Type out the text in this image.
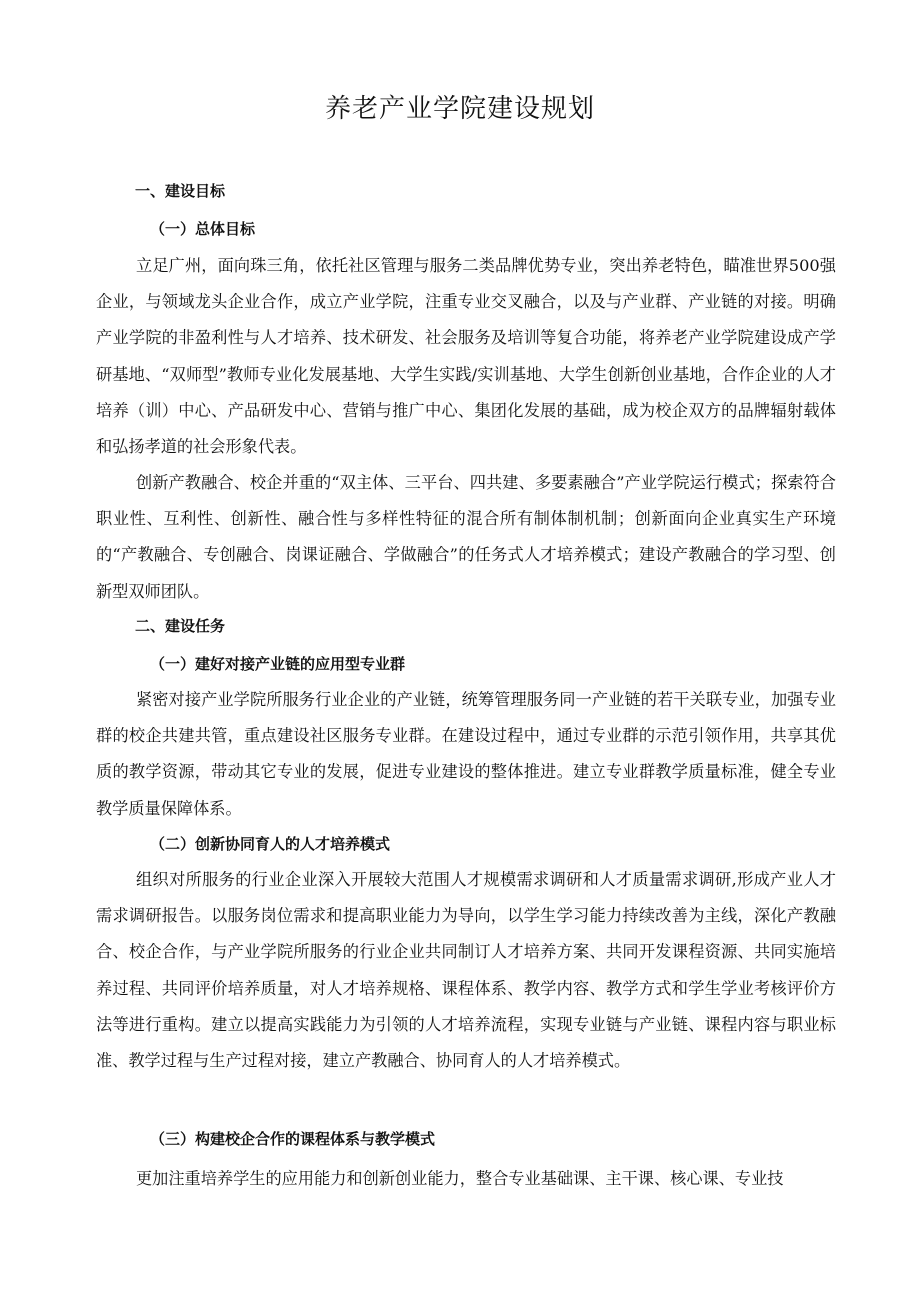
养老产业学院建设规划
一、建设目标
（一）总体目标
立足广州，面向珠三角，依托社区管理与服务二类品牌优势专业，突出养老特色，瞄准世界500强企业，与领域龙头企业合作，成立产业学院，注重专业交叉融合，以及与产业群、产业链的对接。明确产业学院的非盈利性与人才培养、技术研发、社会服务及培训等复合功能，将养老产业学院建设成产学研基地、“双师型”教师专业化发展基地、大学生实践/实训基地、大学生创新创业基地，合作企业的人才培养（训）中心、产品研发中心、营销与推广中心、集团化发展的基础，成为校企双方的品牌辐射载体和弘扬孝道的社会形象代表。
创新产教融合、校企并重的“双主体、三平台、四共建、多要素融合”产业学院运行模式；探索符合职业性、互利性、创新性、融合性与多样性特征的混合所有制体制机制；创新面向企业真实生产环境的“产教融合、专创融合、岗课证融合、学做融合”的任务式人才培养模式；建设产教融合的学习型、创新型双师团队。
二、建设任务
（一）建好对接产业链的应用型专业群
紧密对接产业学院所服务行业企业的产业链，统筹管理服务同一产业链的若干关联专业，加强专业群的校企共建共管，重点建设社区服务专业群。在建设过程中，通过专业群的示范引领作用，共享其优质的教学资源，带动其它专业的发展，促进专业建设的整体推进。建立专业群教学质量标准，健全专业教学质量保障体系。
（二）创新协同育人的人才培养模式
组织对所服务的行业企业深入开展较大范围人才规模需求调研和人才质量需求调研,形成产业人才需求调研报告。以服务岗位需求和提高职业能力为导向，以学生学习能力持续改善为主线，深化产教融合、校企合作，与产业学院所服务的行业企业共同制订人才培养方案、共同开发课程资源、共同实施培养过程、共同评价培养质量，对人才培养规格、课程体系、教学内容、教学方式和学生学业考核评价方法等进行重构。建立以提高实践能力为引领的人才培养流程，实现专业链与产业链、课程内容与职业标准、教学过程与生产过程对接，建立产教融合、协同育人的人才培养模式。
（三）构建校企合作的课程体系与教学模式
更加注重培养学生的应用能力和创新创业能力，整合专业基础课、主干课、核心课、专业技
